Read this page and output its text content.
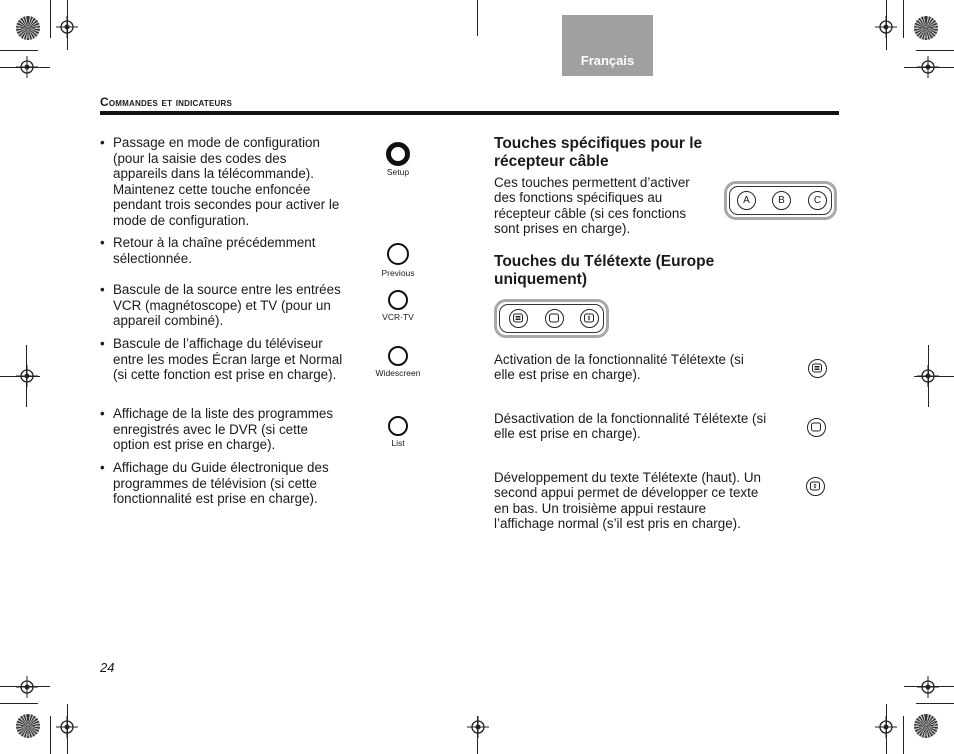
Français
Commandes et indicateurs
• Passage en mode de configuration (pour la saisie des codes des appareils dans la télécommande). Maintenez cette touche enfoncée pendant trois secondes pour activer le mode de configuration.
• Retour à la chaîne précédemment sélectionnée.
• Bascule de la source entre les entrées VCR (magnétoscope) et TV (pour un appareil combiné).
• Bascule de l’affichage du téléviseur entre les modes Écran large et Normal (si cette fonction est prise en charge).
• Affichage de la liste des programmes enregistrés avec le DVR (si cette option est prise en charge).
• Affichage du Guide électronique des programmes de télévision (si cette fonctionnalité est prise en charge).
Setup
Previous
VCR·TV
Widescreen
List
Touches spécifiques pour le récepteur câble
Ces touches permettent d’activer des fonctions spécifiques au récepteur câble (si ces fonctions sont prises en charge).
A	B	C
Touches du Télétexte (Europe uniquement)
Activation de la fonctionnalité Télétexte (si elle est prise en charge).
Désactivation de la fonctionnalité Télétexte (si elle est prise en charge).
Développement du texte Télétexte (haut). Un second appui permet de développer ce texte en bas. Un troisième appui restaure l’affichage normal (s’il est pris en charge).
24
